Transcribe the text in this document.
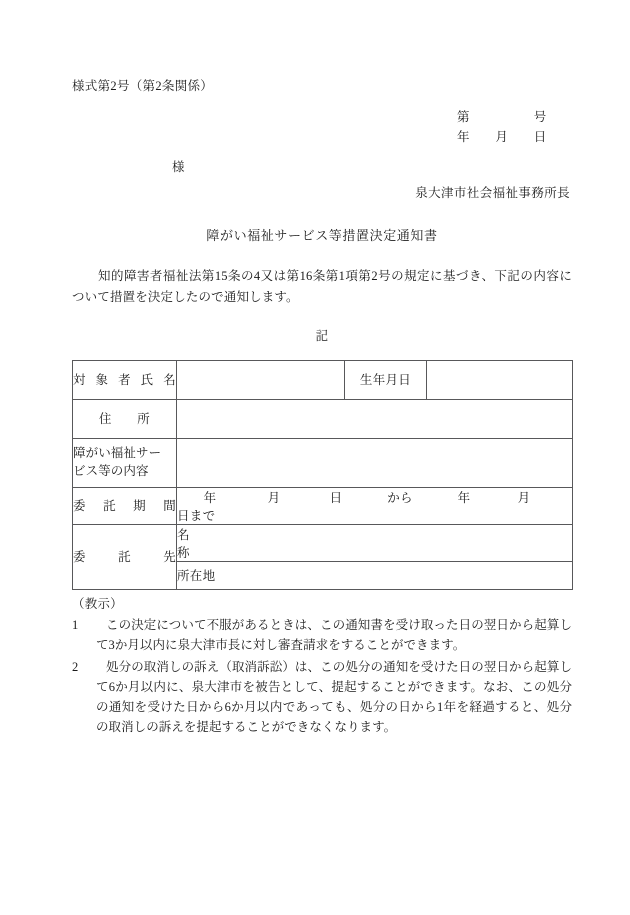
様式第2号（第2条関係）
第　　　　　号
年　　月　　日
様
泉大津市社会福祉事務所長
障がい福祉サービス等措置決定通知書
知的障害者福祉法第15条の4又は第16条第1項第2号の規定に基づき、下記の内容について措置を決定したので通知します。
記
対 象 者 氏 名		生年月日	
住　　所			
障がい福祉サー
ビス等の内容			
委 託 期 間	年 月 日 から 年 月日まで		
委　　託　　先	名　称		
	所在地		
（教示）
1	この決定について不服があるときは、この通知書を受け取った日の翌日から起算して3か月以内に泉大津市長に対し審査請求をすることができます。
2	処分の取消しの訴え（取消訴訟）は、この処分の通知を受けた日の翌日から起算して6か月以内に、泉大津市を被告として、提起することができます。なお、この処分の通知を受けた日から6か月以内であっても、処分の日から1年を経過すると、処分の取消しの訴えを提起することができなくなります。
